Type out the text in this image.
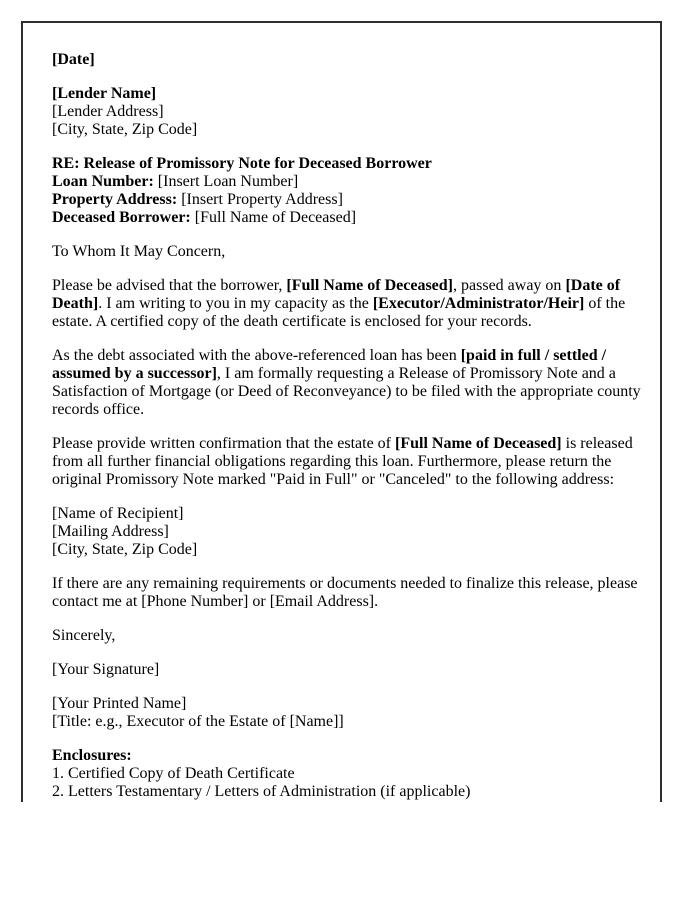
[Date]

[Lender Name]
[Lender Address]
[City, State, Zip Code]

RE: Release of Promissory Note for Deceased Borrower
Loan Number: [Insert Loan Number]
Property Address: [Insert Property Address]
Deceased Borrower: [Full Name of Deceased]

To Whom It May Concern,

Please be advised that the borrower, [Full Name of Deceased], passed away on [Date of Death]. I am writing to you in my capacity as the [Executor/Administrator/Heir] of the estate. A certified copy of the death certificate is enclosed for your records.

As the debt associated with the above-referenced loan has been [paid in full / settled / assumed by a successor], I am formally requesting a Release of Promissory Note and a Satisfaction of Mortgage (or Deed of Reconveyance) to be filed with the appropriate county records office.

Please provide written confirmation that the estate of [Full Name of Deceased] is released from all further financial obligations regarding this loan. Furthermore, please return the original Promissory Note marked "Paid in Full" or "Canceled" to the following address:

[Name of Recipient]
[Mailing Address]
[City, State, Zip Code]

If there are any remaining requirements or documents needed to finalize this release, please contact me at [Phone Number] or [Email Address].

Sincerely,

[Your Signature]

[Your Printed Name]
[Title: e.g., Executor of the Estate of [Name]]

Enclosures:
1. Certified Copy of Death Certificate
2. Letters Testamentary / Letters of Administration (if applicable)
